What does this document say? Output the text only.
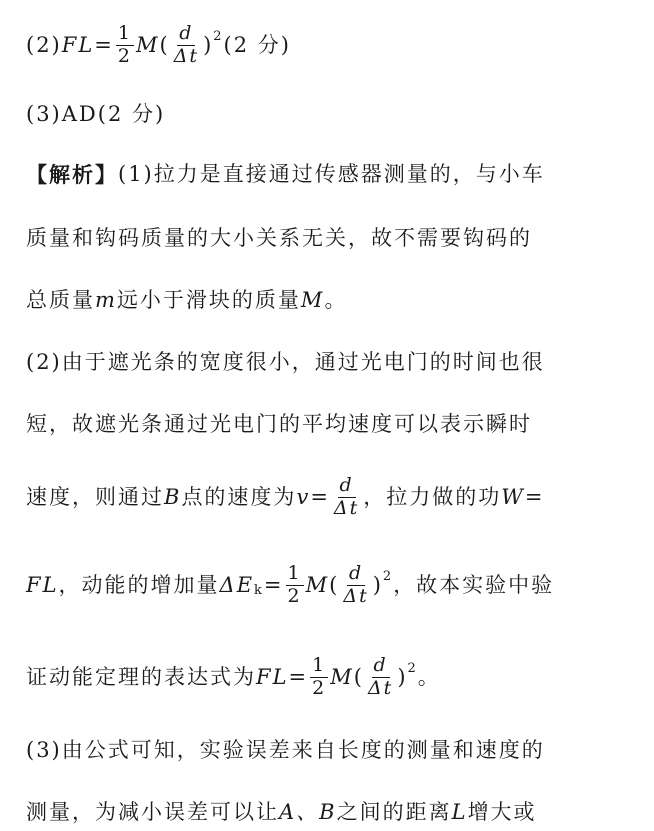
(2) FL = $\frac{1}{2}$ M ( $\frac{d}{\Delta t}$ ) 2 (2 分)
(3)AD(2 分)
【解析】 (1)拉力是直接通过传感器测量的，与小车
质量和钩码质量的大小关系无关，故不需要钩码的
总质量 m 远小于滑块的质量 M 。
(2)由于遮光条的宽度很小，通过光电门的时间也很
短，故遮光条通过光电门的平均速度可以表示瞬时
速度，则通过 B 点的速度为 $v = \frac{d}{\Delta t}$ ，拉力做的功 W =
FL ，动能的增加量 ΔE $k = \frac{1}{2}$ M ( $\frac{d}{\Delta t}$ ) 2 ，故本实验中验
证动能定理的表达式为 FL = $\frac{1}{2}$ M ( $\frac{d}{\Delta t}$ ) 2 。
(3)由公式可知，实验误差来自长度的测量和速度的
测量，为减小误差可以让 A、B 之间的距离 L 增大或
